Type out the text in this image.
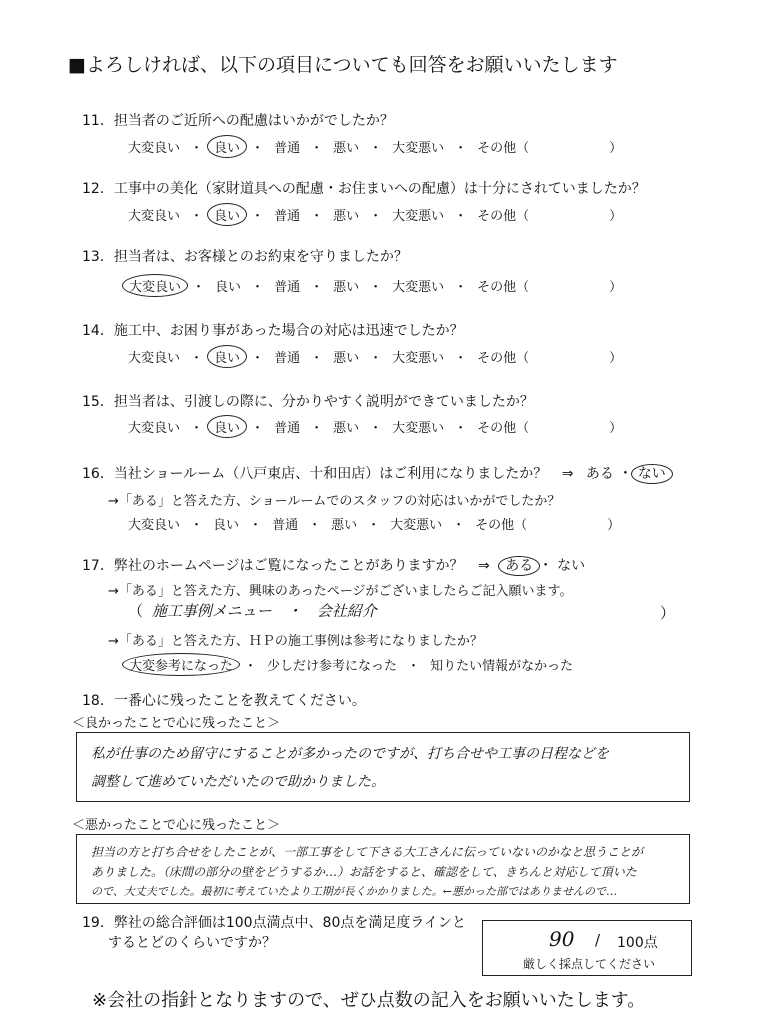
■よろしければ、以下の項目についても回答をお願いいたします
11．担当者のご近所への配慮はいかがでしたか？
大変良い ・ 良い ・ 普通 ・ 悪い ・ 大変悪い ・ その他（	）
12．工事中の美化（家財道具への配慮・お住まいへの配慮）は十分にされていましたか？
大変良い ・ 良い ・ 普通 ・ 悪い ・ 大変悪い ・ その他（	）
13．担当者は、お客様とのお約束を守りましたか？
大変良い ・ 良い ・ 普通 ・ 悪い ・ 大変悪い ・ その他（	）
14．施工中、お困り事があった場合の対応は迅速でしたか？
大変良い ・ 良い ・ 普通 ・ 悪い ・ 大変悪い ・ その他（	）
15．担当者は、引渡しの際に、分かりやすく説明ができていましたか？
大変良い ・ 良い ・ 普通 ・ 悪い ・ 大変悪い ・ その他（	）
16．当社ショールーム（八戸東店、十和田店）はご利用になりましたか？ ⇒ ある ・ ない
→「ある」と答えた方、ショールームでのスタッフの対応はいかがでしたか？
大変良い ・ 良い ・ 普通 ・ 悪い ・ 大変悪い ・ その他（	）
17．弊社のホームページはご覧になったことがありますか？ ⇒ ある ・ ない
→「ある」と答えた方、興味のあったページがございましたらご記入願います。
（ 施工事例メニュー　・　会社紹介	）
→「ある」と答えた方、ＨＰの施工事例は参考になりましたか？
大変参考になった ・ 少しだけ参考になった ・ 知りたい情報がなかった
18．一番心に残ったことを教えてください。
＜良かったことで心に残ったこと＞
私が仕事のため留守にすることが多かったのですが、打ち合せや工事の日程などを
調整して進めていただいたので助かりました。
＜悪かったことで心に残ったこと＞
担当の方と打ち合せをしたことが、一部工事をして下さる大工さんに伝っていないのかなと思うことが
ありました。（床間の部分の壁をどうするか…）お話をすると、確認をして、きちんと対応して頂いた
ので、大丈夫でした。最初に考えていたより工期が長くかかりました。←悪かった部ではありませんので…
19．弊社の総合評価は100点満点中、80点を満足度ラインと
するとどのくらいですか？	90 / 100点
厳しく採点してください
※会社の指針となりますので、ぜひ点数の記入をお願いいたします。
